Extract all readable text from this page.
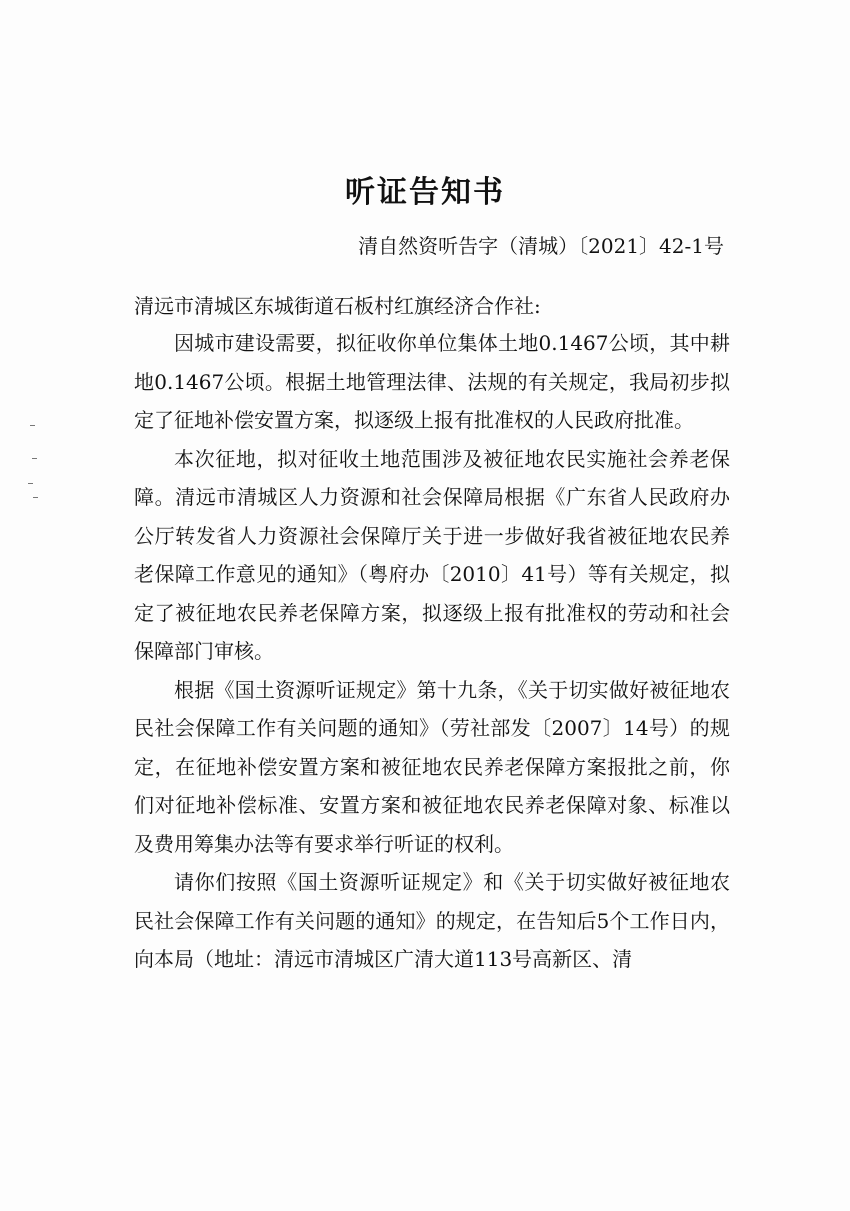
听证告知书
清自然资听告字（清城）〔2021〕42-1号
清远市清城区东城街道石板村红旗经济合作社:

因城市建设需要，拟征收你单位集体土地0.1467公顷，其中耕地0.1467公顷。根据土地管理法律、法规的有关规定，我局初步拟定了征地补偿安置方案，拟逐级上报有批准权的人民政府批准。

本次征地，拟对征收土地范围涉及被征地农民实施社会养老保障。清远市清城区人力资源和社会保障局根据《广东省人民政府办公厅转发省人力资源社会保障厅关于进一步做好我省被征地农民养老保障工作意见的通知》（粤府办〔2010〕41号）等有关规定，拟定了被征地农民养老保障方案，拟逐级上报有批准权的劳动和社会保障部门审核。

根据《国土资源听证规定》第十九条，《关于切实做好被征地农民社会保障工作有关问题的通知》（劳社部发〔2007〕14号）的规定，在征地补偿安置方案和被征地农民养老保障方案报批之前，你们对征地补偿标准、安置方案和被征地农民养老保障对象、标准以及费用筹集办法等有要求举行听证的权利。

请你们按照《国土资源听证规定》和《关于切实做好被征地农民社会保障工作有关问题的通知》的规定，在告知后5个工作日内，向本局（地址：清远市清城区广清大道113号高新区、清
